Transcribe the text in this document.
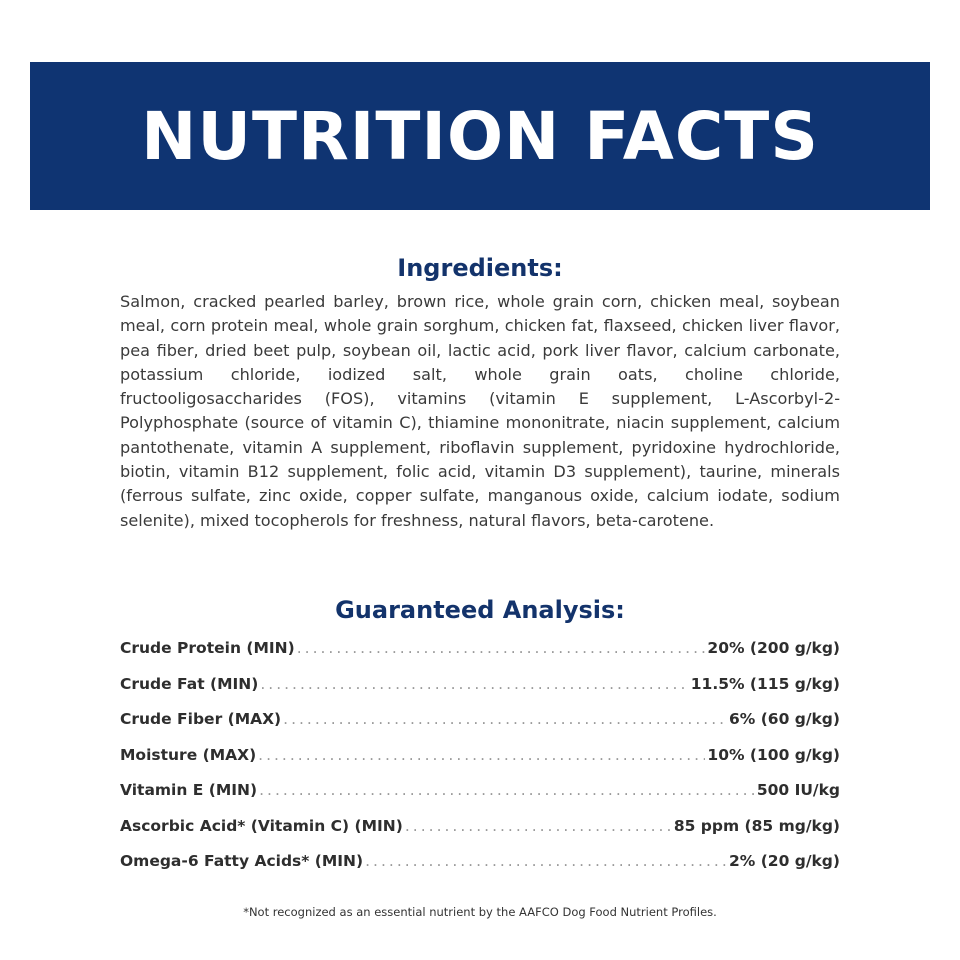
NUTRITION FACTS
Ingredients:

Salmon, cracked pearled barley, brown rice, whole grain corn, chicken meal, soybean meal, corn protein meal, whole grain sorghum, chicken fat, flaxseed, chicken liver flavor, pea fiber, dried beet pulp, soybean oil, lactic acid, pork liver flavor, calcium carbonate, potassium chloride, iodized salt, whole grain oats, choline chloride, fructooligosaccharides (FOS), vitamins (vitamin E supplement, L-Ascorbyl-2-Polyphosphate (source of vitamin C), thiamine mononitrate, niacin supplement, calcium pantothenate, vitamin A supplement, riboflavin supplement, pyridoxine hydrochloride, biotin, vitamin B12 supplement, folic acid, vitamin D3 supplement), taurine, minerals (ferrous sulfate, zinc oxide, copper sulfate, manganous oxide, calcium iodate, sodium selenite), mixed tocopherols for freshness, natural flavors, beta-carotene.

Guaranteed Analysis:
Crude Protein (MIN) .....	20% (200 g/kg)
Crude Fat (MIN) .....	11.5% (115 g/kg)
Crude Fiber (MAX) .....	6% (60 g/kg)
Moisture (MAX) .....	10% (100 g/kg)
Vitamin E (MIN) .....	500 IU/kg
Ascorbic Acid* (Vitamin C) (MIN) .....	85 ppm (85 mg/kg)
Omega-6 Fatty Acids* (MIN) .....	2% (20 g/kg)
*Not recognized as an essential nutrient by the AAFCO Dog Food Nutrient Profiles.
